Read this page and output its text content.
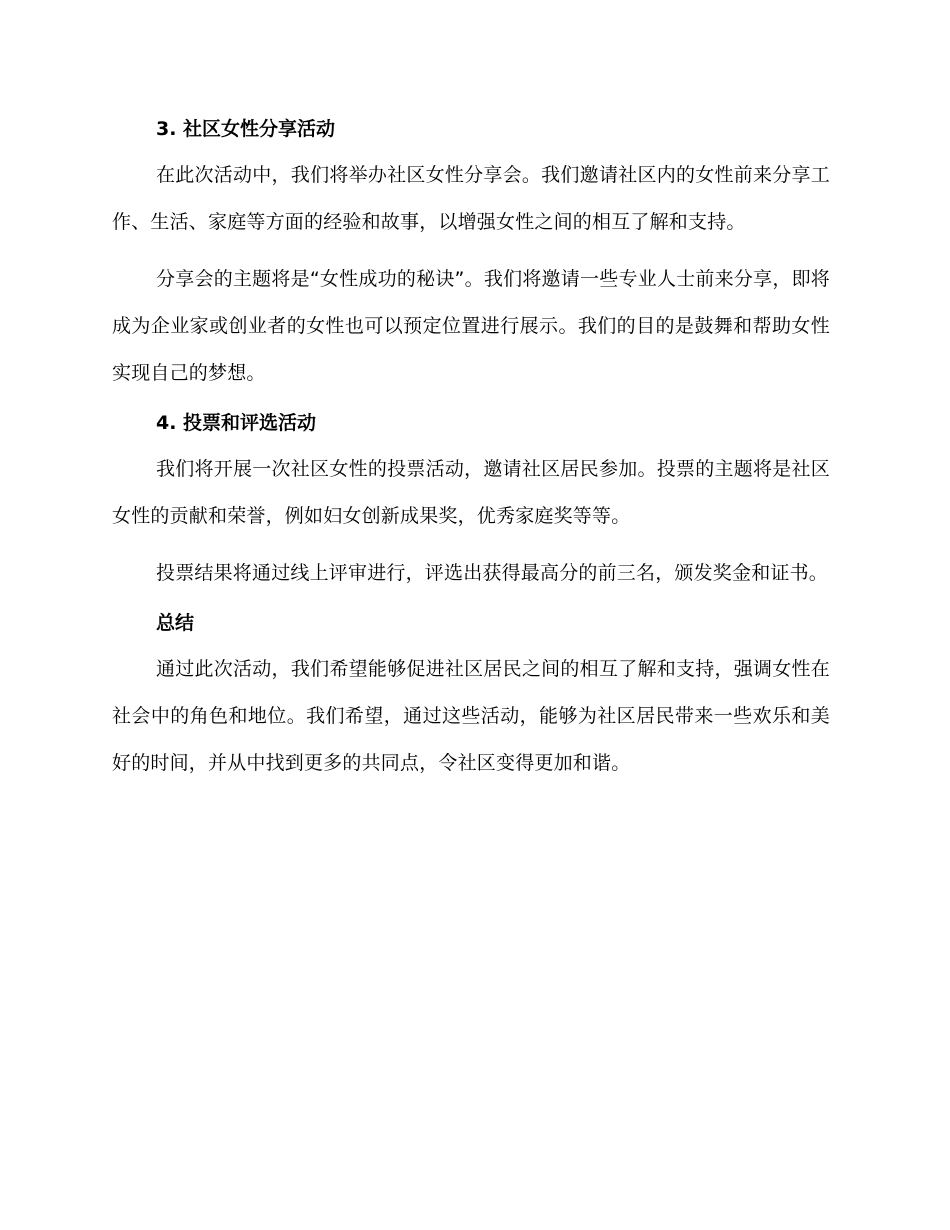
3. 社区女性分享活动

在此次活动中，我们将举办社区女性分享会。我们邀请社区内的女性前来分享工作、生活、家庭等方面的经验和故事，以增强女性之间的相互了解和支持。

分享会的主题将是“女性成功的秘诀”。我们将邀请一些专业人士前来分享，即将成为企业家或创业者的女性也可以预定位置进行展示。我们的目的是鼓舞和帮助女性实现自己的梦想。

4. 投票和评选活动

我们将开展一次社区女性的投票活动，邀请社区居民参加。投票的主题将是社区女性的贡献和荣誉，例如妇女创新成果奖，优秀家庭奖等等。

投票结果将通过线上评审进行，评选出获得最高分的前三名，颁发奖金和证书。

总结

通过此次活动，我们希望能够促进社区居民之间的相互了解和支持，强调女性在社会中的角色和地位。我们希望，通过这些活动，能够为社区居民带来一些欢乐和美好的时间，并从中找到更多的共同点，令社区变得更加和谐。
